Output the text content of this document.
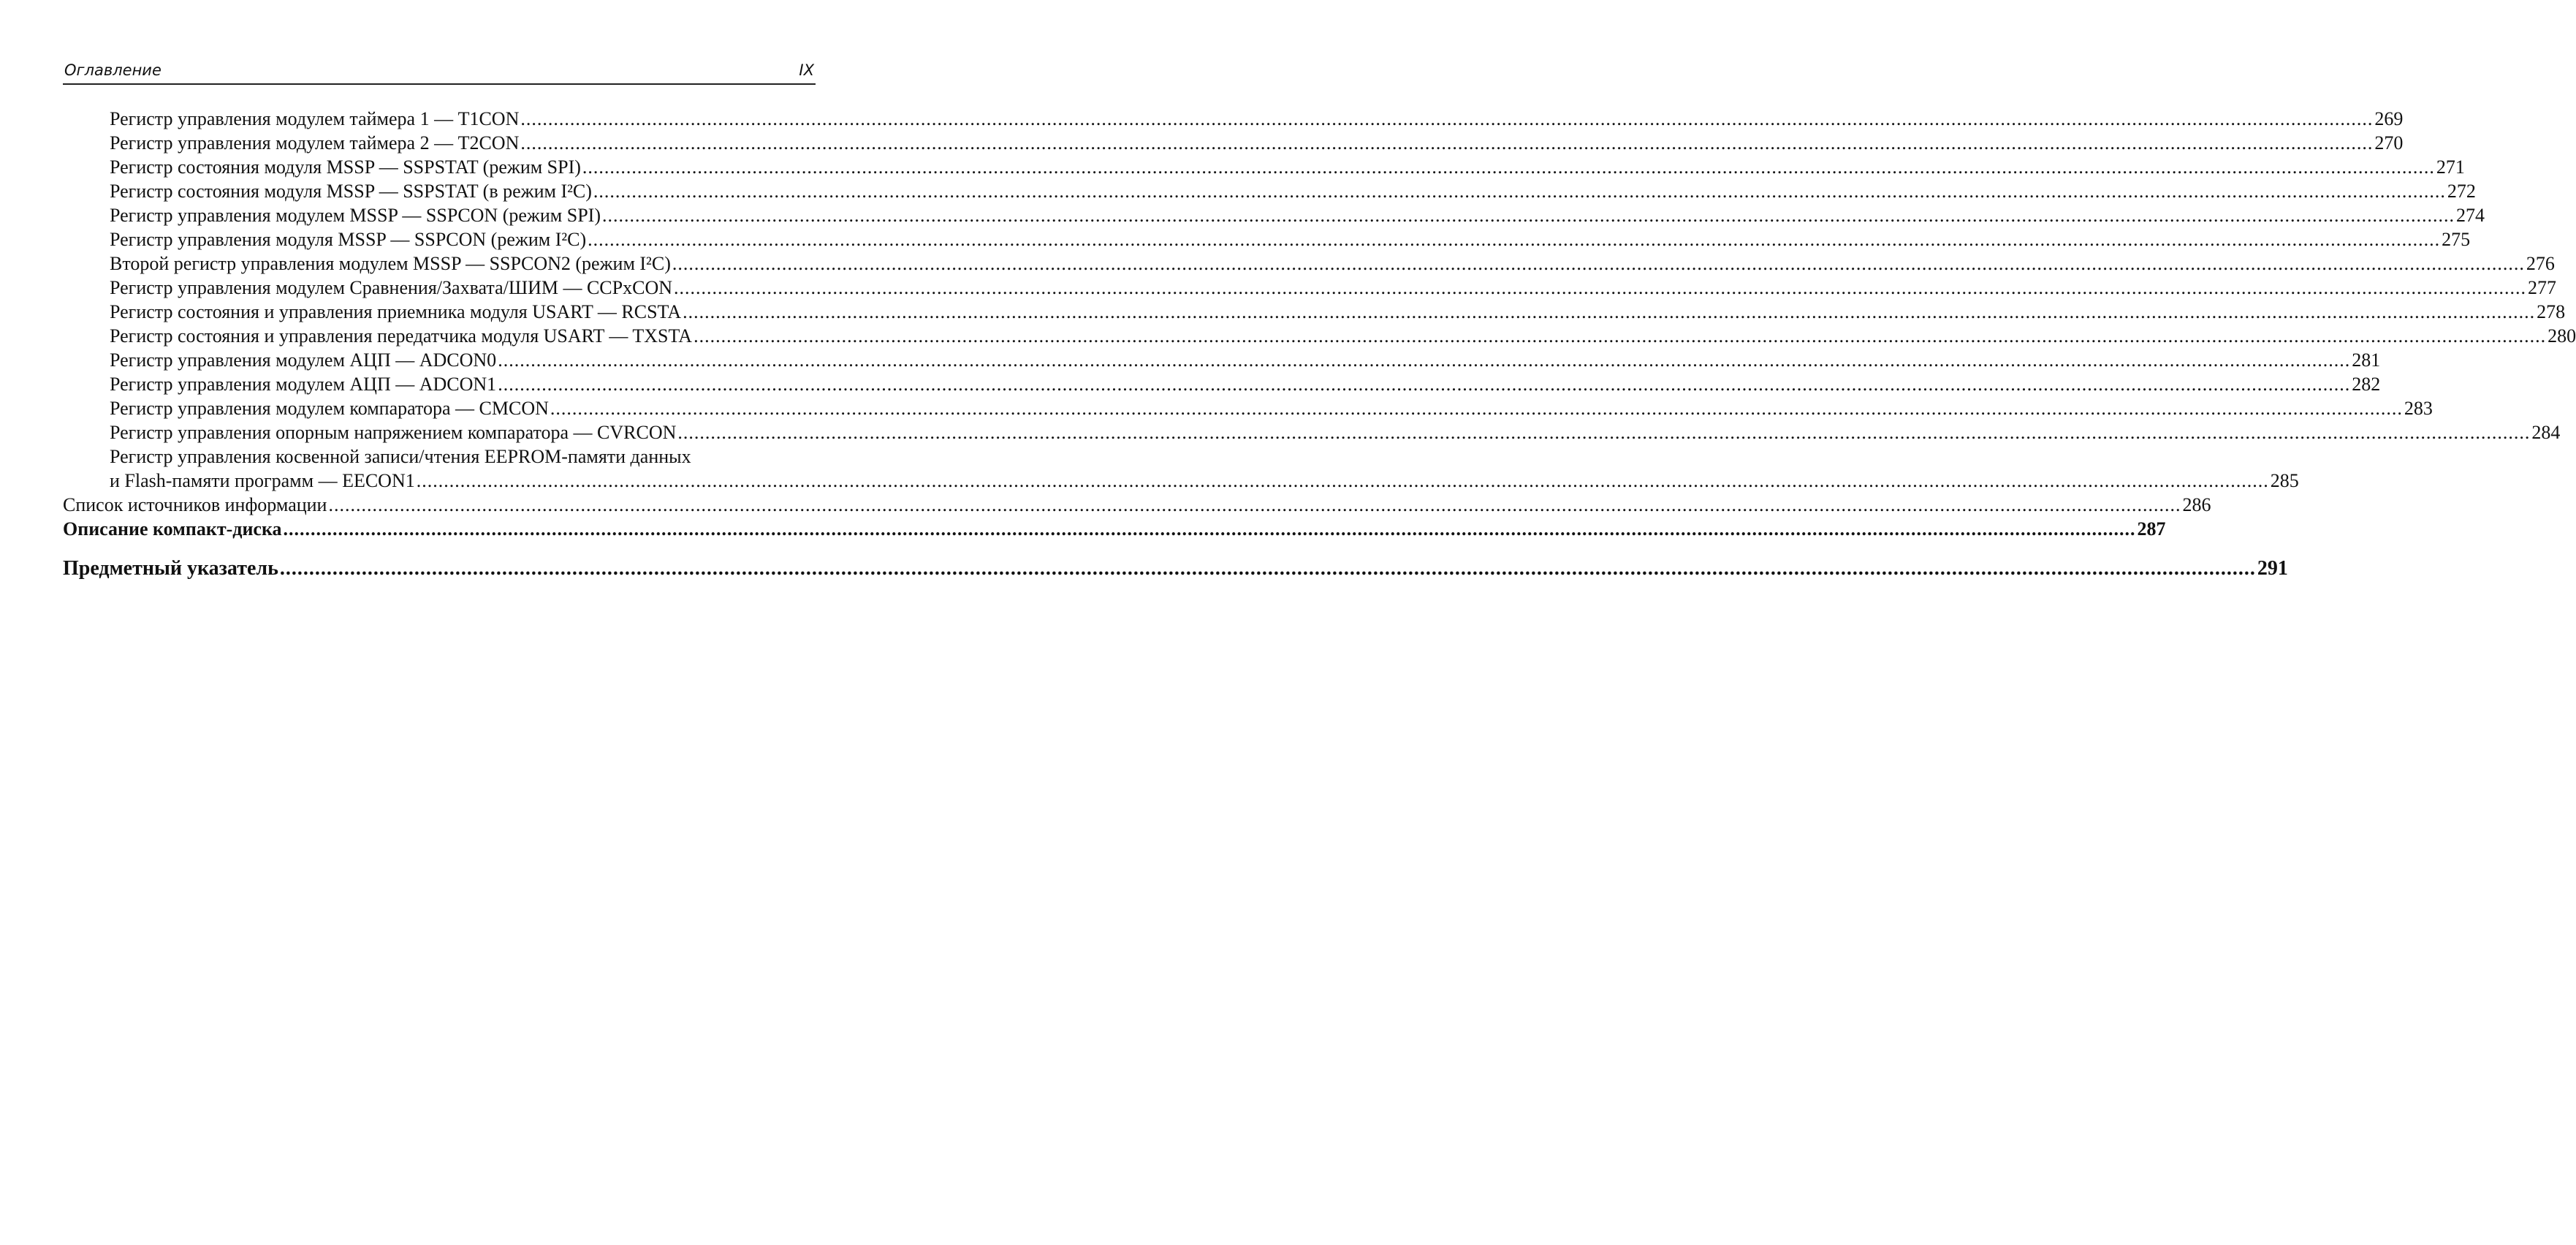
Оглавление	IX
Регистр управления модулем таймера 1 — T1CON .....	269
Регистр управления модулем таймера 2 — T2CON .....	270
Регистр состояния модуля MSSP — SSPSTAT (режим SPI) .....	271
Регистр состояния модуля MSSP — SSPSTAT (в режим I²C) .....	272
Регистр управления модулем MSSP — SSPCON (режим SPI) .....	274
Регистр управления модуля MSSP — SSPCON (режим I²C) .....	275
Второй регистр управления модулем MSSP — SSPCON2 (режим I²C) .....	276
Регистр управления модулем Сравнения/Захвата/ШИМ — CCPxCON .....	277
Регистр состояния и управления приемника модуля USART — RCSTA .....	278
Регистр состояния и управления передатчика модуля USART — TXSTA .....	280
Регистр управления модулем АЦП — ADCON0 .....	281
Регистр управления модулем АЦП — ADCON1 .....	282
Регистр управления модулем компаратора — CMCON .....	283
Регистр управления опорным напряжением компаратора — CVRCON .....	284
Регистр управления косвенной записи/чтения EEPROM-памяти данных
и Flash-памяти программ — EECON1 .....	285
Список источников информации .....	286
Описание компакт-диска .....	287
Предметный указатель .....	291
